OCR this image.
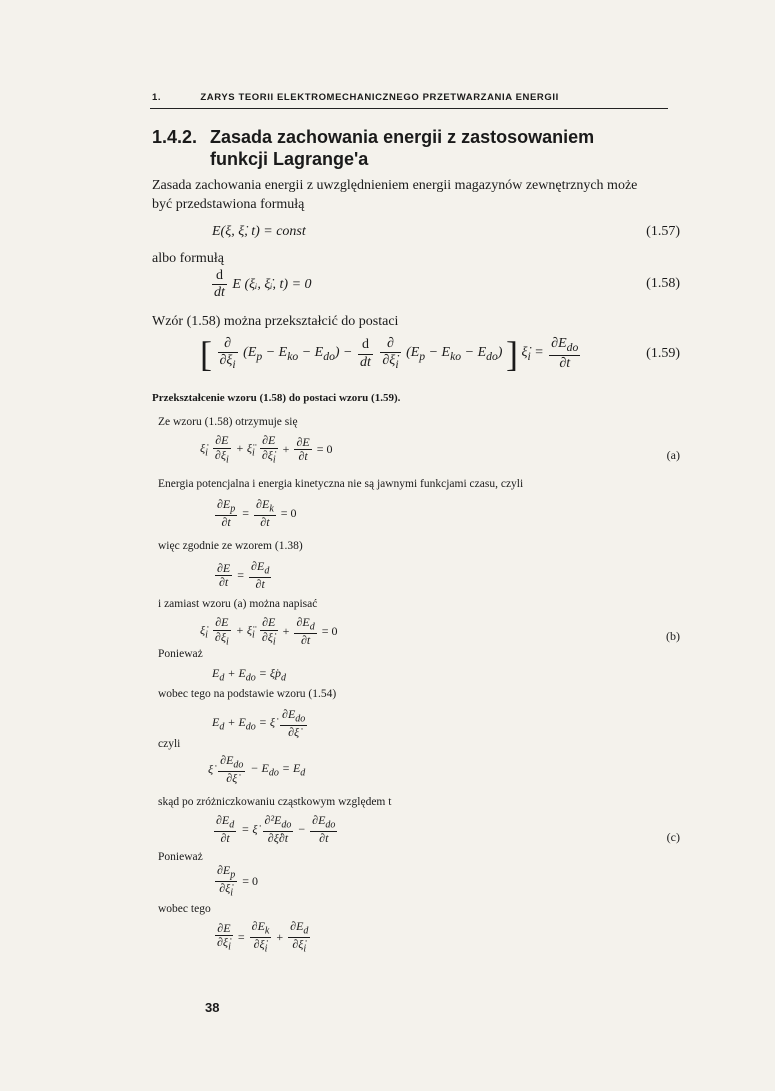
1.	ZARYS TEORII ELEKTROMECHANICZNEGO PRZETWARZANIA ENERGII
1.4.2. Zasada zachowania energii z zastosowaniem
funkcji Lagrange'a
Zasada zachowania energii z uwzględnieniem energii magazynów zewnętrznych może
być przedstawiona formułą
E(ξ, ξ̇, t) = const	(1.57)
albo formułą
$\frac{d}{dt}$ E (ξᵢ, ξ̇ᵢ, t) = 0	(1.58)
Wzór (1.58) można przekształcić do postaci
[ $\frac{\partial}{\partial\xi_i} (E_p - E_{ko} - E_{do}) - \frac{d}{dt}$
$\frac{\partial}{\partial\xi̇_i} (E_p - E_{ko} - E_{do})$ ] $\xi̇_i = \frac{\partial E_{do}}{\partial t}$	(1.59)
Przekształcenie wzoru (1.58) do postaci wzoru (1.59).
Ze wzoru (1.58) otrzymuje się
$\xi̇_i \frac{\partial E}{\partial\xi_i}$ + $\xï_i \frac{\partial E}{\partial\xi̇_i} + \frac{\partial E}{\partial t} = 0$	(a)
Energia potencjalna i energia kinetyczna nie są jawnymi funkcjami czasu, czyli
$\frac{\partial E_p}{\partial t} = \frac{\partial E_k}{\partial t} = 0$
więc zgodnie ze wzorem (1.38)
$\frac{\partial E}{\partial t} = \frac{\partial E_d}{\partial t}$
i zamiast wzoru (a) można napisać
$\xi̇_i \frac{\partial E}{\partial\xi_i}$ + $\xï_i \frac{\partial E}{\partial\xi̇_i} + \frac{\partial E_d}{\partial t} = 0$	(b)
Ponieważ
$E_d + E_{do}$ = $\xi̇p_d$
wobec tego na podstawie wzoru (1.54)
$E_d + E_{do}$ = ξ̇ $\frac{\partial E_{do}}{\partial\xi̇}$
czyli
ξ̇ $\frac{\partial E_{do}}{\partial\xi̇} - E_{do} = E_d$
skąd po zróżniczkowaniu cząstkowym względem t
$\frac{\partial E_d}{\partial t}$ = ξ̇ $\frac{\partial^2E_{do}}{\partial\xi̇\partial t} - \frac{\partial E_{do}}{\partial t}$	(c)
Ponieważ
$\frac{\partial E_p}{\partial\xi̇_i} = 0$
wobec tego
$\frac{\partial E}{\partial\xi̇_i} = \frac{\partial E_k}{\partial\xi̇_i} + \frac{\partial E_d}{\partial\xi̇_i}$
38
